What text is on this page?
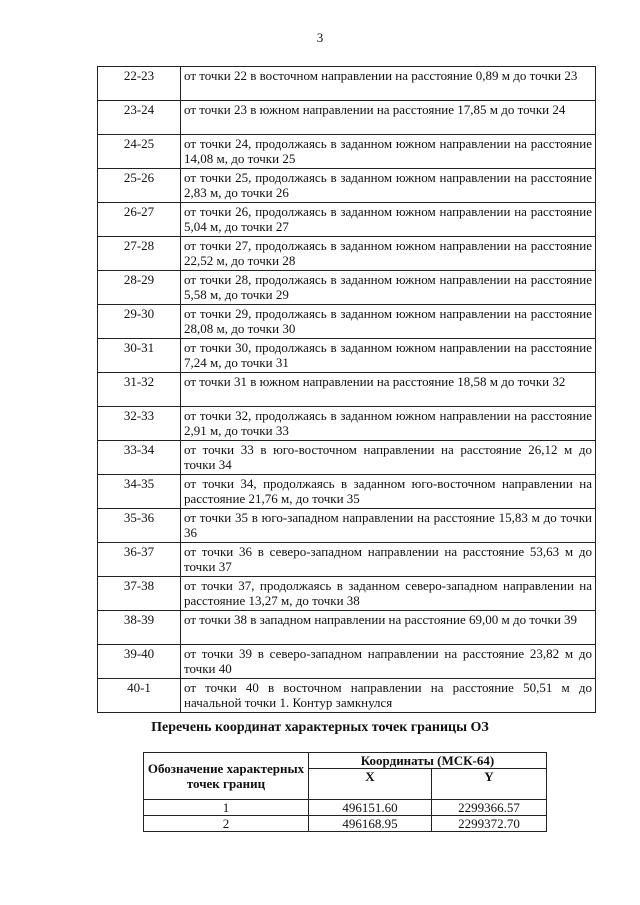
3
22-23	от точки 22 в восточном направлении на расстояние 0,89 м до точки 23
23-24	от точки 23 в южном направлении на расстояние 17,85 м до точки 24
24-25	от точки 24, продолжаясь в заданном южном направлении на расстояние 14,08 м, до точки 25
25-26	от точки 25, продолжаясь в заданном южном направлении на расстояние 2,83 м, до точки 26
26-27	от точки 26, продолжаясь в заданном южном направлении на расстояние 5,04 м, до точки 27
27-28	от точки 27, продолжаясь в заданном южном направлении на расстояние 22,52 м, до точки 28
28-29	от точки 28, продолжаясь в заданном южном направлении на расстояние 5,58 м, до точки 29
29-30	от точки 29, продолжаясь в заданном южном направлении на расстояние 28,08 м, до точки 30
30-31	от точки 30, продолжаясь в заданном южном направлении на расстояние 7,24 м, до точки 31
31-32	от точки 31 в южном направлении на расстояние 18,58 м до точки 32
32-33	от точки 32, продолжаясь в заданном южном направлении на расстояние 2,91 м, до точки 33
33-34	от точки 33 в юго-восточном направлении на расстояние 26,12 м до точки 34
34-35	от точки 34, продолжаясь в заданном юго-восточном направлении на расстояние 21,76 м, до точки 35
35-36	от точки 35 в юго-западном направлении на расстояние 15,83 м до точки 36
36-37	от точки 36 в северо-западном направлении на расстояние 53,63 м до точки 37
37-38	от точки 37, продолжаясь в заданном северо-западном направлении на расстояние 13,27 м, до точки 38
38-39	от точки 38 в западном направлении на расстояние 69,00 м до точки 39
39-40	от точки 39 в северо-западном направлении на расстояние 23,82 м до точки 40
40-1	от точки 40 в восточном направлении на расстояние 50,51 м до начальной точки 1. Контур замкнулся
Перечень координат характерных точек границы ОЗ
Обозначение характерных точек границ	Координаты (МСК-64)	
	X	Y
1	496151.60	2299366.57
2	496168.95	2299372.70
